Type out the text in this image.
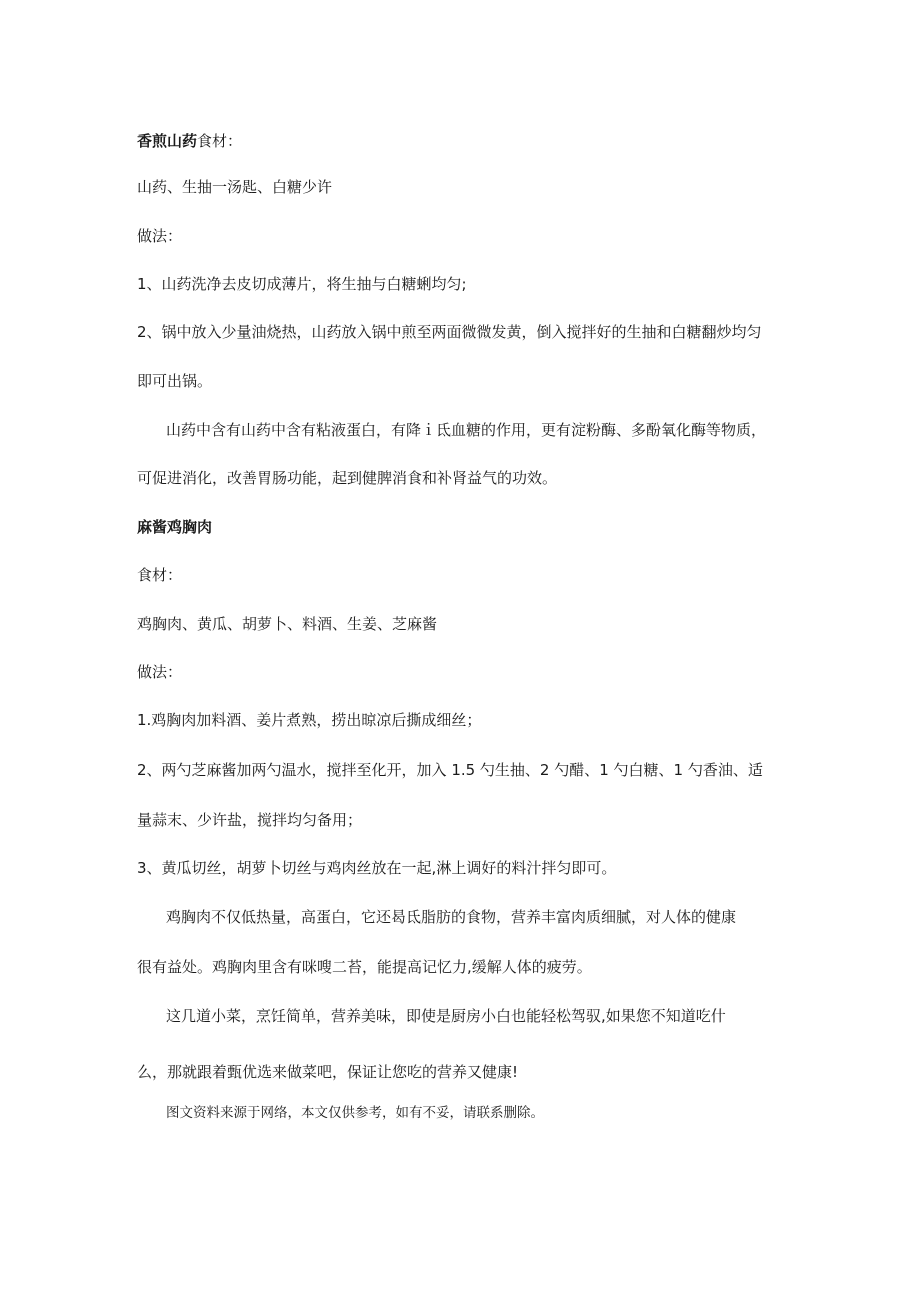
香煎山药食材：
山药、生抽一汤匙、白糖少许
做法：
1、山药洗净去皮切成薄片，将生抽与白糖蜊均匀;
2、锅中放入少量油烧热，山药放入锅中煎至两面微微发黄，倒入搅拌好的生抽和白糖翻炒均匀
即可出锅。
山药中含有山药中含有粘液蛋白，有降ｉ氐血糖的作用，更有淀粉酶、多酚氧化酶等物质，
可促进消化，改善胃肠功能，起到健脾消食和补肾益气的功效。
麻酱鸡胸肉
食材：
鸡胸肉、黄瓜、胡萝卜、料酒、生姜、芝麻酱
做法：
1.鸡胸肉加料酒、姜片煮熟，捞出晾凉后撕成细丝；
2、两勺芝麻酱加两勺温水，搅拌至化开，加入 1.5 勺生抽、2 勺醋、1 勺白糖、1 勺香油、适
量蒜末、少许盐，搅拌均匀备用；
3、黄瓜切丝，胡萝卜切丝与鸡肉丝放在一起,淋上调好的料汁拌匀即可。
鸡胸肉不仅低热量，高蛋白，它还曷氐脂肪的食物，营养丰富肉质细腻，对人体的健康
很有益处。鸡胸肉里含有咪嗖二苔，能提高记忆力,缓解人体的疲劳。
这几道小菜，烹饪简单，营养美味，即使是厨房小白也能轻松驾驭,如果您不知道吃什
么，那就跟着甄优选来做菜吧，保证让您吃的营养又健康!
图文资料来源于网络，本文仅供参考，如有不妥，请联系删除。
